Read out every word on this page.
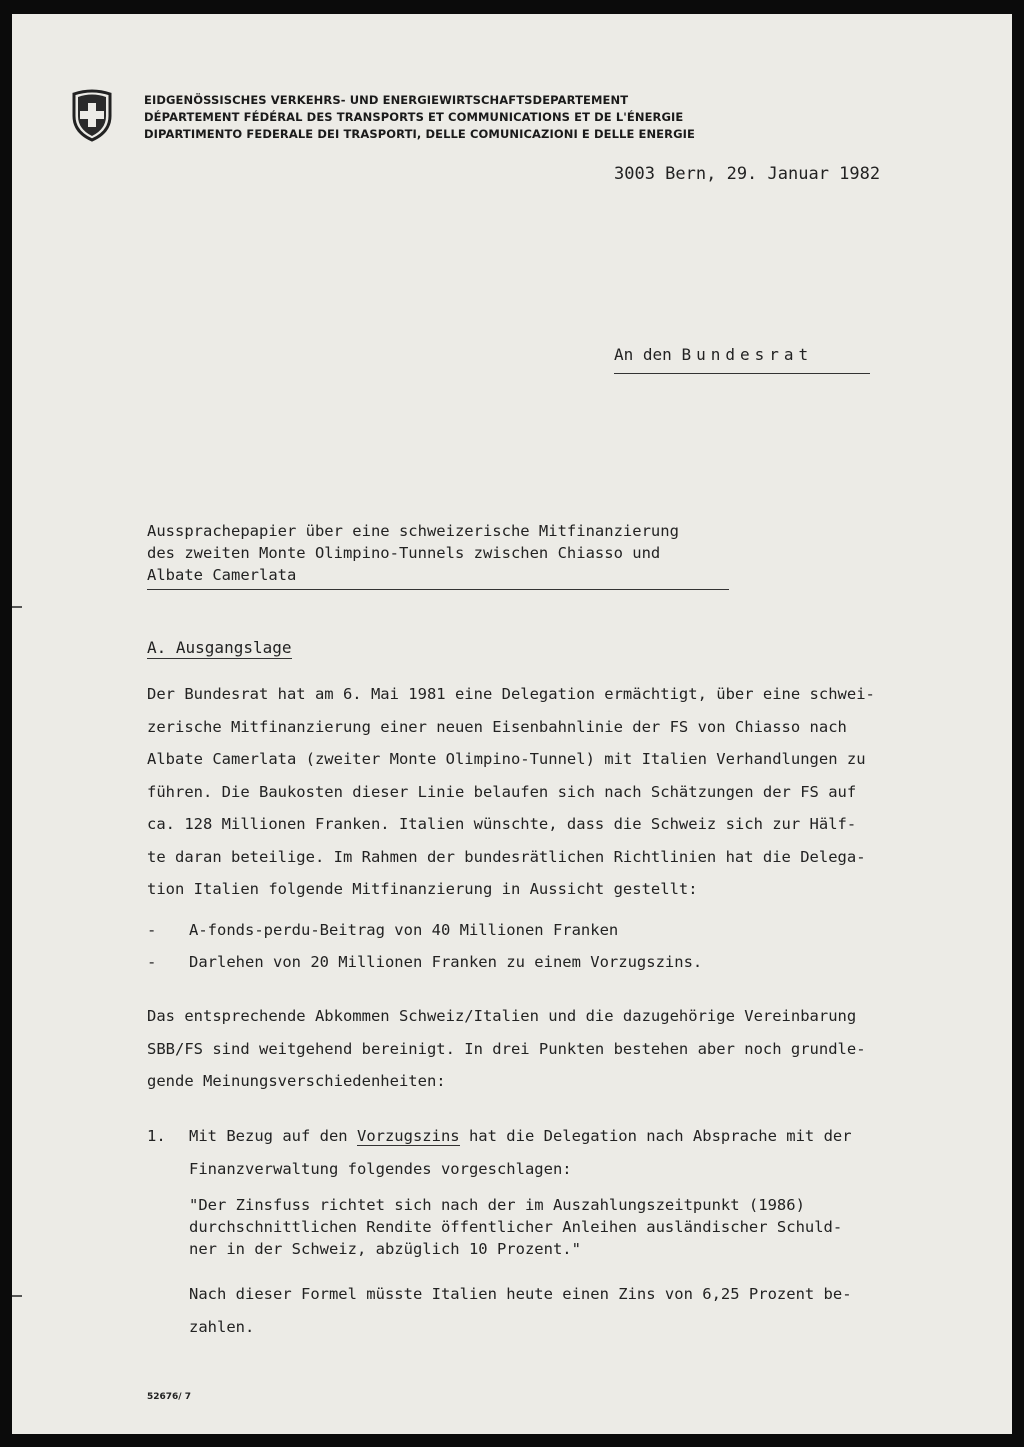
EIDGENÖSSISCHES VERKEHRS- UND ENERGIEWIRTSCHAFTSDEPARTEMENT
DÉPARTEMENT FÉDÉRAL DES TRANSPORTS ET COMMUNICATIONS ET DE L'ÉNERGIE
DIPARTIMENTO FEDERALE DEI TRASPORTI, DELLE COMUNICAZIONI E DELLE ENERGIE
3003 Bern, 29. Januar 1982
An den Bundesrat
Aussprachepapier über eine schweizerische Mitfinanzierung
des zweiten Monte Olimpino-Tunnels zwischen Chiasso und
Albate Camerlata
A. Ausgangslage
Der Bundesrat hat am 6. Mai 1981 eine Delegation ermächtigt, über eine schwei-
zerische Mitfinanzierung einer neuen Eisenbahnlinie der FS von Chiasso nach
Albate Camerlata (zweiter Monte Olimpino-Tunnel) mit Italien Verhandlungen zu
führen. Die Baukosten dieser Linie belaufen sich nach Schätzungen der FS auf
ca. 128 Millionen Franken. Italien wünschte, dass die Schweiz sich zur Hälf-
te daran beteilige. Im Rahmen der bundesrätlichen Richtlinien hat die Delega-
tion Italien folgende Mitfinanzierung in Aussicht gestellt:
- A-fonds-perdu-Beitrag von 40 Millionen Franken
- Darlehen von 20 Millionen Franken zu einem Vorzugszins.
Das entsprechende Abkommen Schweiz/Italien und die dazugehörige Vereinbarung
SBB/FS sind weitgehend bereinigt. In drei Punkten bestehen aber noch grundle-
gende Meinungsverschiedenheiten:
1. Mit Bezug auf den Vorzugszins hat die Delegation nach Absprache mit der
Finanzverwaltung folgendes vorgeschlagen:
"Der Zinsfuss richtet sich nach der im Auszahlungszeitpunkt (1986)
durchschnittlichen Rendite öffentlicher Anleihen ausländischer Schuld-
ner in der Schweiz, abzüglich 10 Prozent."
Nach dieser Formel müsste Italien heute einen Zins von 6,25 Prozent be-
zahlen.
52676/ 7
